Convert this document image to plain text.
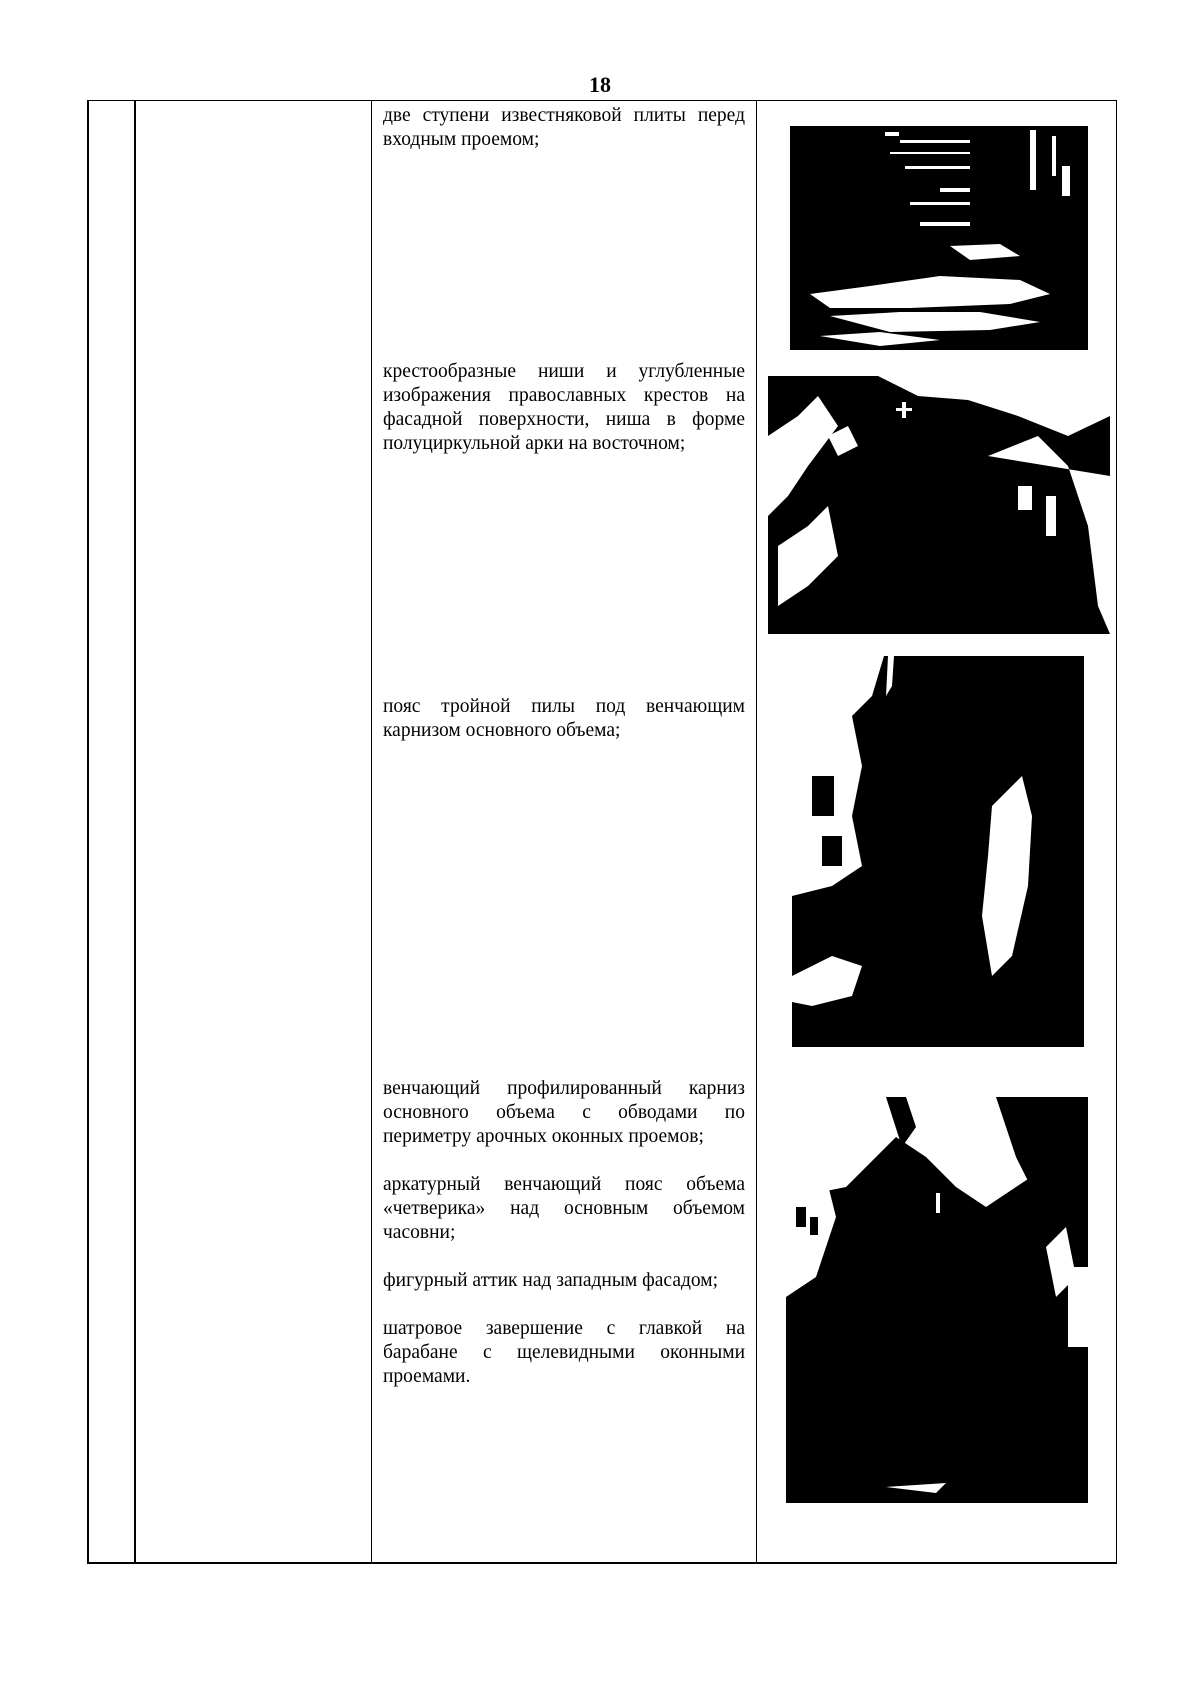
18

две ступени известняковой плиты перед входным проемом;

крестообразные ниши и углубленные изображения православных крестов на фасадной поверхности, ниша в форме полуциркульной арки на восточном;

пояс тройной пилы под венчающим карнизом основного объема;

венчающий профилированный карниз основного объема с обводами по периметру арочных оконных проемов;

аркатурный венчающий пояс объема «четверика» над основным объемом часовни;

фигурный аттик над западным фасадом;

шатровое завершение с главкой на барабане с щелевидными оконными проемами.
